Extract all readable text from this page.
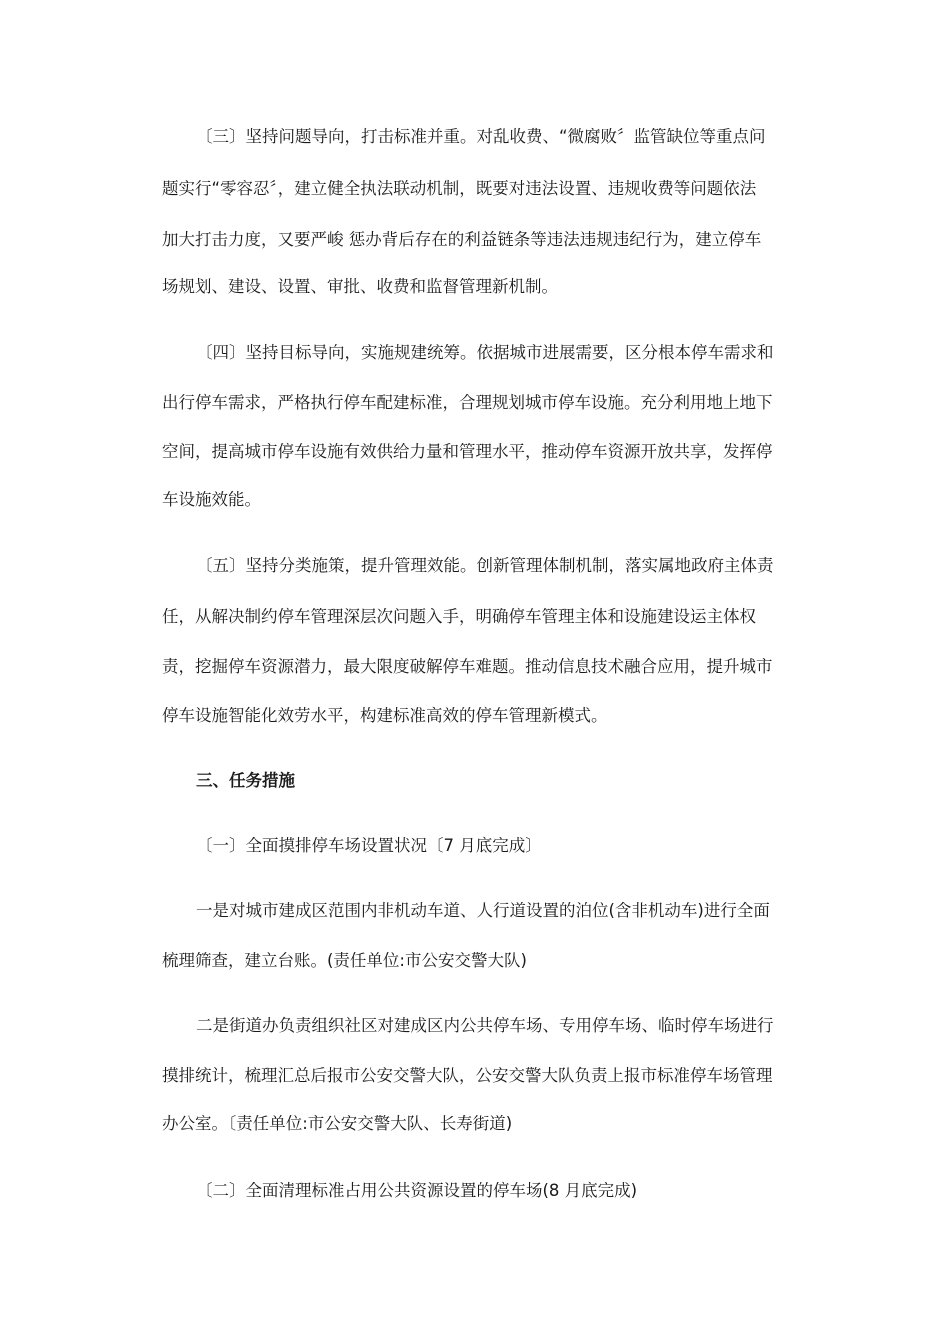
〔三〕坚持问题导向，打击标准并重。对乱收费、“微腐败〞监管缺位等重点问
题实行“零容忍〞，建立健全执法联动机制，既要对违法设置、违规收费等问题依法
加大打击力度，又要严峻 惩办背后存在的利益链条等违法违规违纪行为，建立停车
场规划、建设、设置、审批、收费和监督管理新机制。
〔四〕坚持目标导向，实施规建统筹。依据城市进展需要，区分根本停车需求和
出行停车需求，严格执行停车配建标准，合理规划城市停车设施。充分利用地上地下
空间，提高城市停车设施有效供给力量和管理水平，推动停车资源开放共享，发挥停
车设施效能。
〔五〕坚持分类施策，提升管理效能。创新管理体制机制，落实属地政府主体责
任，从解决制约停车管理深层次问题入手，明确停车管理主体和设施建设运主体权
责，挖掘停车资源潜力，最大限度破解停车难题。推动信息技术融合应用，提升城市
停车设施智能化效劳水平，构建标准高效的停车管理新模式。
三、任务措施
〔一〕全面摸排停车场设置状况〔7 月底完成〕
一是对城市建成区范围内非机动车道、人行道设置的泊位(含非机动车)进行全面
梳理筛查，建立台账。(责任单位:市公安交警大队)
二是街道办负责组织社区对建成区内公共停车场、专用停车场、临时停车场进行
摸排统计，梳理汇总后报市公安交警大队，公安交警大队负责上报市标准停车场管理
办公室。〔责任单位:市公安交警大队、长寿街道)
〔二〕全面清理标准占用公共资源设置的停车场(8 月底完成)
